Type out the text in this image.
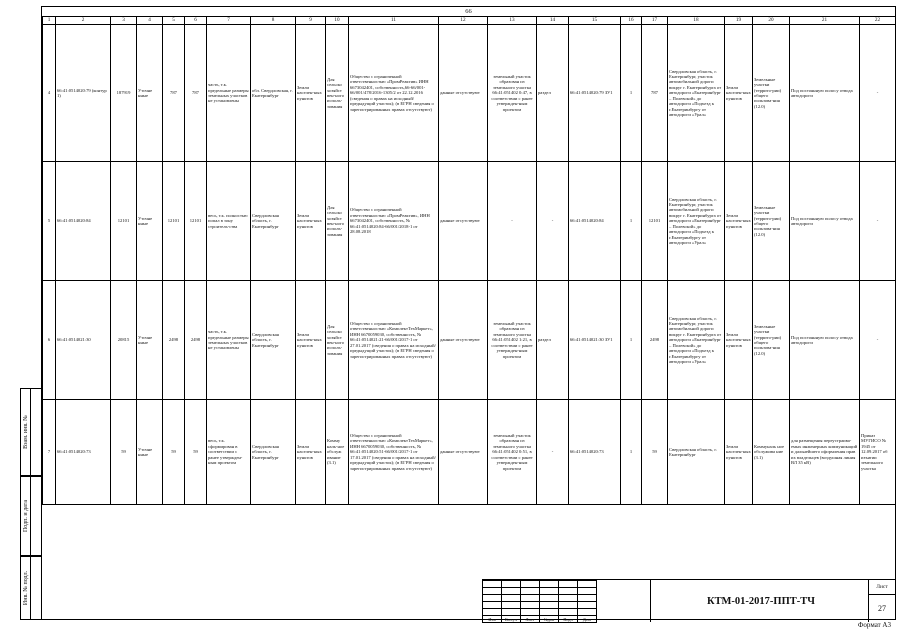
66
1	2	3	4	5	6	7	8	9	10	11	12	13	14	15	16	17	18	19	20	21	22
4	66:41:0514020:79 (контур 1)	187919	Уточне нные	787	787	часть, т.к. предельные размеры земельных участков не установлены	обл. Свердловская, г. Екатеринбург	Земли населен-ных пунктов	Для сельско хозяйст вен-ного исполь-зования	Общество с ограниченной ответственностью «ПромРеактив» ИНН 6673042401, собственность,66-66/001-66/001/478/2016-1305/2 от 22.12.2016 (сведения о правах на исходный/ предыдущий участок); (в ЕГРН сведения о зарегистрированных правах отсутствуют)	данные отсутствуют	земельный участок образован из земельного участка 66:41:051402 0:47, в соответствии с ранее утвержден-ным проектом	раздел	66:41:0514020:79 ЗУ1	1	787	Свердловская область, г. Екатеринбург, участок автомобильной дороги вокруг г. Екатеринбурга от автодороги «Екатеринбург – Полевской» до автодороги «Подъезд к г.Екатеринбургу от автодороги «Урал»	Земли населен-ных пунктов	Земельные участки (террито-рии) общего пользова-ния (12.0)	Под постоянную полосу отвода автодороги	-
5	66:41:0514020:84	12101	Уточне нные	12101	12101	весь, т.к. полностью попал в зону строитель-ства	Свердловская область, г. Екатеринбург	Земли населен-ных пунктов	Для сельско хозяйст вен-ного исполь-зования	Общество с ограниченной ответственностью «ПромРеактив», ИНН 6673042401, собственность, № 66:41:0514020:84-66/001/2018-1 от 28.08.2018	данные отсутствуют	-	-	66:41:0514020:84	1	12101	Свердловская область, г. Екатеринбург, участок автомобильной дороги вокруг г. Екатеринбурга от автодороги «Екатеринбург – Полевской» до автодороги «Подъезд к г.Екатеринбургу от автодороги «Урал»	Земли населен-ных пунктов	Земельные участки (террито-рии) общего пользова-ния (12.0)	Под постоянную полосу отвода автодороги	-
6	66:41:0514021:30	20815	Уточне нные	2498	2498	часть, т.к. предельные размеры земельных участков не установлены	Свердловская область, г. Екатеринбург	Земли населен-ных пунктов	Для сельско хозяйст вен-ного исполь-зования	Общество с ограниченной ответственностью «КомплектТехМаркет», ИНН 6670059030, собственность, № 66:41:0514021:21-66/001/2017-1 от 27.01.2017 (сведения о правах на исходный/ предыдущий участок); (в ЕГРН сведения о зарегистрированных правах отсутствуют)	данные отсутствуют	земельный участок образован из земельного участка 66:41:051402 1:21, в соответствии с ранее утвержден-ным проектом	раздел	66:41:0514021:30 ЗУ1	1	2498	Свердловская область, г. Екатеринбург, участок автомобильной дороги вокруг г. Екатеринбурга от автодороги «Екатеринбург – Полевской» до автодороги «Подъезд к г.Екатеринбургу от автодороги «Урал»	Земли населен-ных пунктов	Земельные участки (террито-рии) общего пользова-ния (12.0)	Под постоянную полосу отвода автодороги	-
7	66:41:0514020:73	59	Уточне нные	59	59	весь, т.к. сформирован в соответствии с ранее утвержден-ным проектом	Свердловская область, г. Екатеринбург	Земли населен-ных пунктов	Комму наль-ное обслуж ивание (3.1)	Общество с ограниченной ответственностью «КомплектТехМаркет», ИНН 6670059030, собственность, № 66:41:0514020:51-66/001/2017-1 от 17.01.2017 (сведения о правах на исходный/ предыдущий участок); (в ЕГРН сведения о зарегистрированных правах отсутствуют)	данные отсутствуют	земельный участок образован из земельного участка 66:41:051402 0:51, в соответствии с ранее утвержден-ным проектом	-	66:41:0514020:73	1	59	Свердловская область, г. Екатеринбург	Земли населен-ных пунктов	Коммуналь ное обслужива ние (3.1)	для размещения переустраива-емых инженерных коммуникаций и дальнейшего оформления прав их владельцев (воздушная линия ВЛ 35 кВ)	Приказ МУГИСО № 1945 от 12.09.2017 об изъятии земельного участка

Изм	Кол.уч	Лист	№док	Подп	Дата
КТМ-01-2017-ППТ-ТЧ
Лист
27
Взам. инв. №
Подп. и дата
Инв. № подл.
Формат А3
